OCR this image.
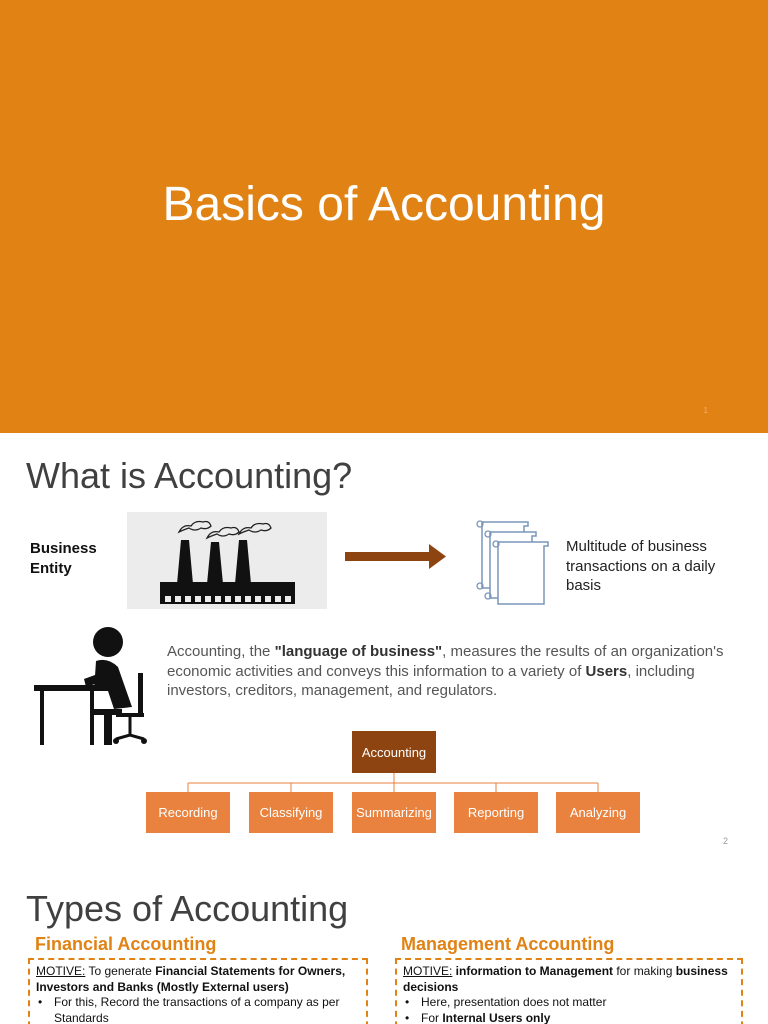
Basics of Accounting
1
What is Accounting?
Business Entity
Multitude of business transactions on a daily basis
Accounting, the "language of business", measures the results of an organization's economic activities and conveys this information to a variety of Users, including investors, creditors, management, and regulators.
Accounting
Recording	Classifying	Summarizing	Reporting	Analyzing
2
Types of Accounting
Financial Accounting
MOTIVE: To generate Financial Statements for Owners, Investors and Banks (Mostly External users)
• For this, Record the transactions of a company as per Standards
Management Accounting
MOTIVE: information to Management for making business decisions
• Here, presentation does not matter
• For Internal Users only
